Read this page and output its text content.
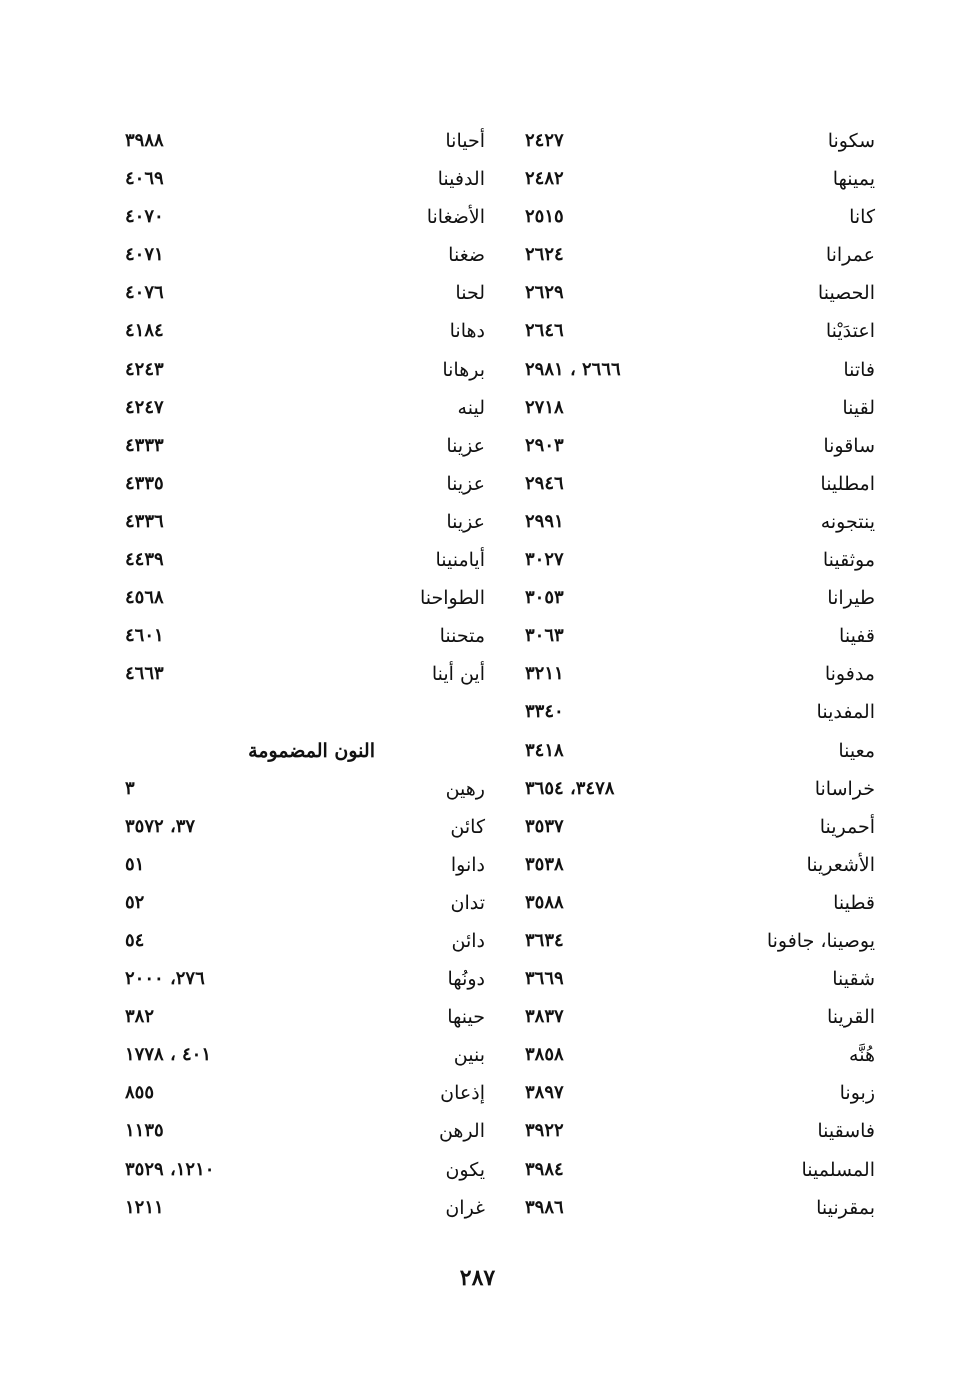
٢٤٢٧	سكونا
٢٤٨٢	يمينها
٢٥١٥	كانا
٢٦٢٤	عمرانا
٢٦٢٩	الحصينا
٢٦٤٦	اعتدَيْنا
٢٦٦٦ ، ٢٩٨١	فاتنا
٢٧١٨	لقينا
٢٩٠٣	ساقونا
٢٩٤٦	امطلينا
٢٩٩١	ينتجونه
٣٠٢٧	موثقينا
٣٠٥٣	طيرانا
٣٠٦٣	قفينا
٣٢١١	مدفونا
٣٣٤٠	المفدينا
٣٤١٨	معينا
٣٤٧٨، ٣٦٥٤	خراسانا
٣٥٣٧	أحمرينا
٣٥٣٨	الأشعرينا
٣٥٨٨	قطينا
٣٦٣٤	يوصينا، جافونا
٣٦٦٩	شقينا
٣٨٣٧	القرينا
٣٨٥٨	هُنَّه
٣٨٩٧	زبونا
٣٩٢٢	فاسقينا
٣٩٨٤	المسلمينا
٣٩٨٦	بمقرنينا
٣٩٨٨	أحيانا
٤٠٦٩	الدفينا
٤٠٧٠	الأضغانا
٤٠٧١	ضغنا
٤٠٧٦	لحنا
٤١٨٤	دهانا
٤٢٤٣	برهانا
٤٢٤٧	لينه
٤٣٣٣	عزينا
٤٣٣٥	عزينا
٤٣٣٦	عزينا
٤٤٣٩	أيامنينا
٤٥٦٨	الطواحنا
٤٦٠١	متحننا
٤٦٦٣	أين أينا
النون المضمومة
٣	رهين
٣٧، ٣٥٧٢	كائن
٥١	دانوا
٥٢	تدان
٥٤	دائن
٢٧٦، ٢٠٠٠	دونُها
٣٨٢	حينها
٤٠١ ، ١٧٧٨	بنين
٨٥٥	إذعان
١١٣٥	الرهن
١٢١٠، ٣٥٢٩	يكون
١٢١١	غران
٢٨٧
